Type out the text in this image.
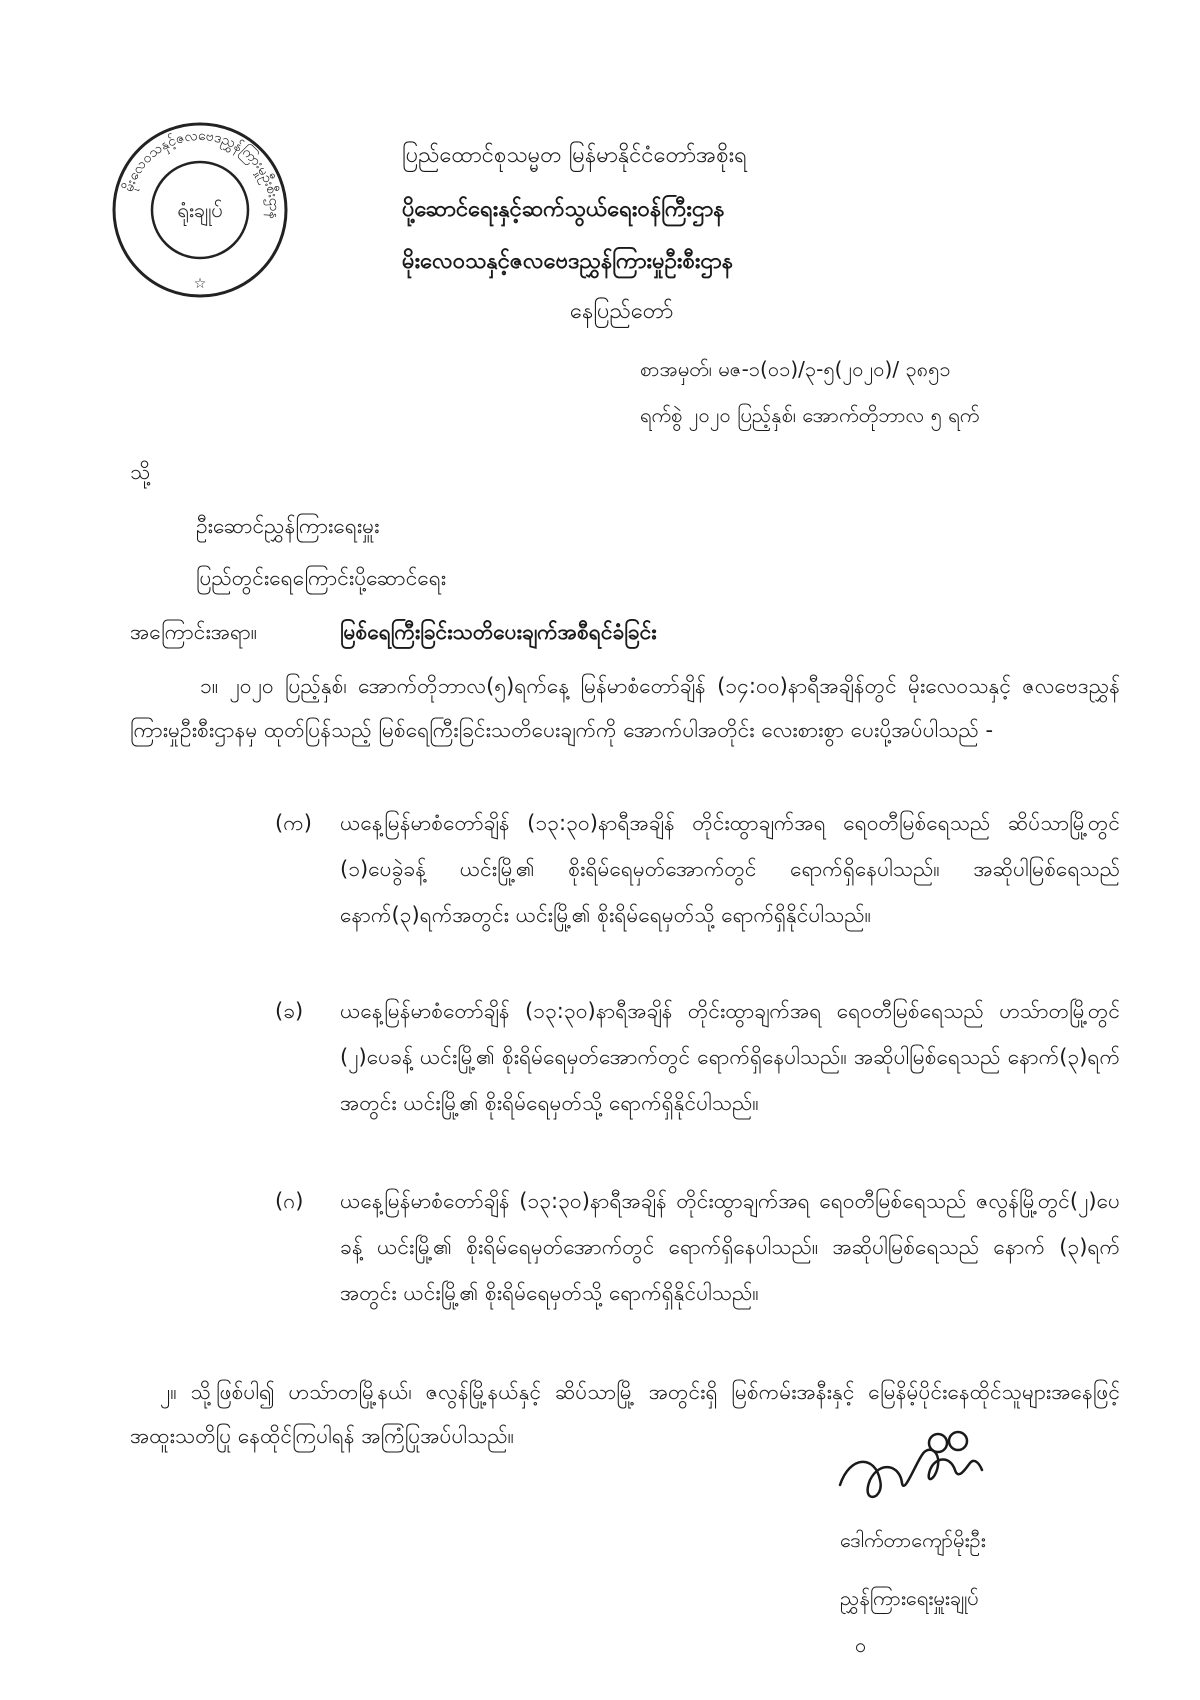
မိုးလေဝသနှင့်ဇလဗေဒညွှန်ကြားမှုဦးစီးဌာန
ရုံးချုပ်
☆
ပြည်ထောင်စုသမ္မတ မြန်မာနိုင်ငံတော်အစိုးရ
ပို့ဆောင်ရေးနှင့်ဆက်သွယ်ရေးဝန်ကြီးဌာန
မိုးလေဝသနှင့်ဇလဗေဒညွှန်ကြားမှုဦးစီးဌာန
နေပြည်တော်
စာအမှတ်၊ မဇ-၁(၀၁)/၃-၅(၂၀၂၀)/ ၃၈၅၁
ရက်စွဲ ၂၀၂၀ ပြည့်နှစ်၊ အောက်တိုဘာလ ၅ ရက်
သို့
ဦးဆောင်ညွှန်ကြားရေးမှူး
ပြည်တွင်းရေကြောင်းပို့ဆောင်ရေး
အကြောင်းအရာ။	မြစ်ရေကြီးခြင်းသတိပေးချက်အစီရင်ခံခြင်း
၁။ ၂၀၂၀ ပြည့်နှစ်၊ အောက်တိုဘာလ(၅)ရက်နေ့ မြန်မာစံတော်ချိန် (၁၄:၀၀)နာရီအချိန်တွင် မိုးလေဝသနှင့် ဇလဗေဒညွှန်ကြားမှုဦးစီးဌာနမှ ထုတ်ပြန်သည့် မြစ်ရေကြီးခြင်းသတိပေးချက်ကို အောက်ပါအတိုင်း လေးစားစွာ ပေးပို့အပ်ပါသည် -
(က) ယနေ့မြန်မာစံတော်ချိန် (၁၃:၃၀)နာရီအချိန် တိုင်းထွာချက်အရ ရေဝတီမြစ်ရေသည် ဆိပ်သာမြို့တွင် (၁)ပေခွဲခန့် ယင်းမြို့၏ စိုးရိမ်ရေမှတ်အောက်တွင် ရောက်ရှိနေပါသည်။ အဆိုပါမြစ်ရေသည် နောက်(၃)ရက်အတွင်း ယင်းမြို့၏ စိုးရိမ်ရေမှတ်သို့ ရောက်ရှိနိုင်ပါသည်။
(ခ) ယနေ့မြန်မာစံတော်ချိန် (၁၃:၃၀)နာရီအချိန် တိုင်းထွာချက်အရ ရေဝတီမြစ်ရေသည် ဟသ်ာတမြို့တွင် (၂)ပေခန့် ယင်းမြို့၏ စိုးရိမ်ရေမှတ်အောက်တွင် ရောက်ရှိနေပါသည်။ အဆိုပါမြစ်ရေသည် နောက်(၃)ရက်အတွင်း ယင်းမြို့၏ စိုးရိမ်ရေမှတ်သို့ ရောက်ရှိနိုင်ပါသည်။
(ဂ) ယနေ့မြန်မာစံတော်ချိန် (၁၃:၃၀)နာရီအချိန် တိုင်းထွာချက်အရ ရေဝတီမြစ်ရေသည် ဇလွန်မြို့တွင်(၂)ပေခန့် ယင်းမြို့၏ စိုးရိမ်ရေမှတ်အောက်တွင် ရောက်ရှိနေပါသည်။ အဆိုပါမြစ်ရေသည် နောက် (၃)ရက်အတွင်း ယင်းမြို့၏ စိုးရိမ်ရေမှတ်သို့ ရောက်ရှိနိုင်ပါသည်။
၂။ သို့ဖြစ်ပါ၍ ဟသ်ာတမြို့နယ်၊ ဇလွန်မြို့နယ်နှင့် ဆိပ်သာမြို့ အတွင်းရှိ မြစ်ကမ်းအနီးနှင့် မြေနိမ့်ပိုင်းနေထိုင်သူများအနေဖြင့် အထူးသတိပြု နေထိုင်ကြပါရန် အကြံပြုအပ်ပါသည်။
ဒေါက်တာကျော်မိုးဦး
ညွှန်ကြားရေးမှူးချုပ်
၀
